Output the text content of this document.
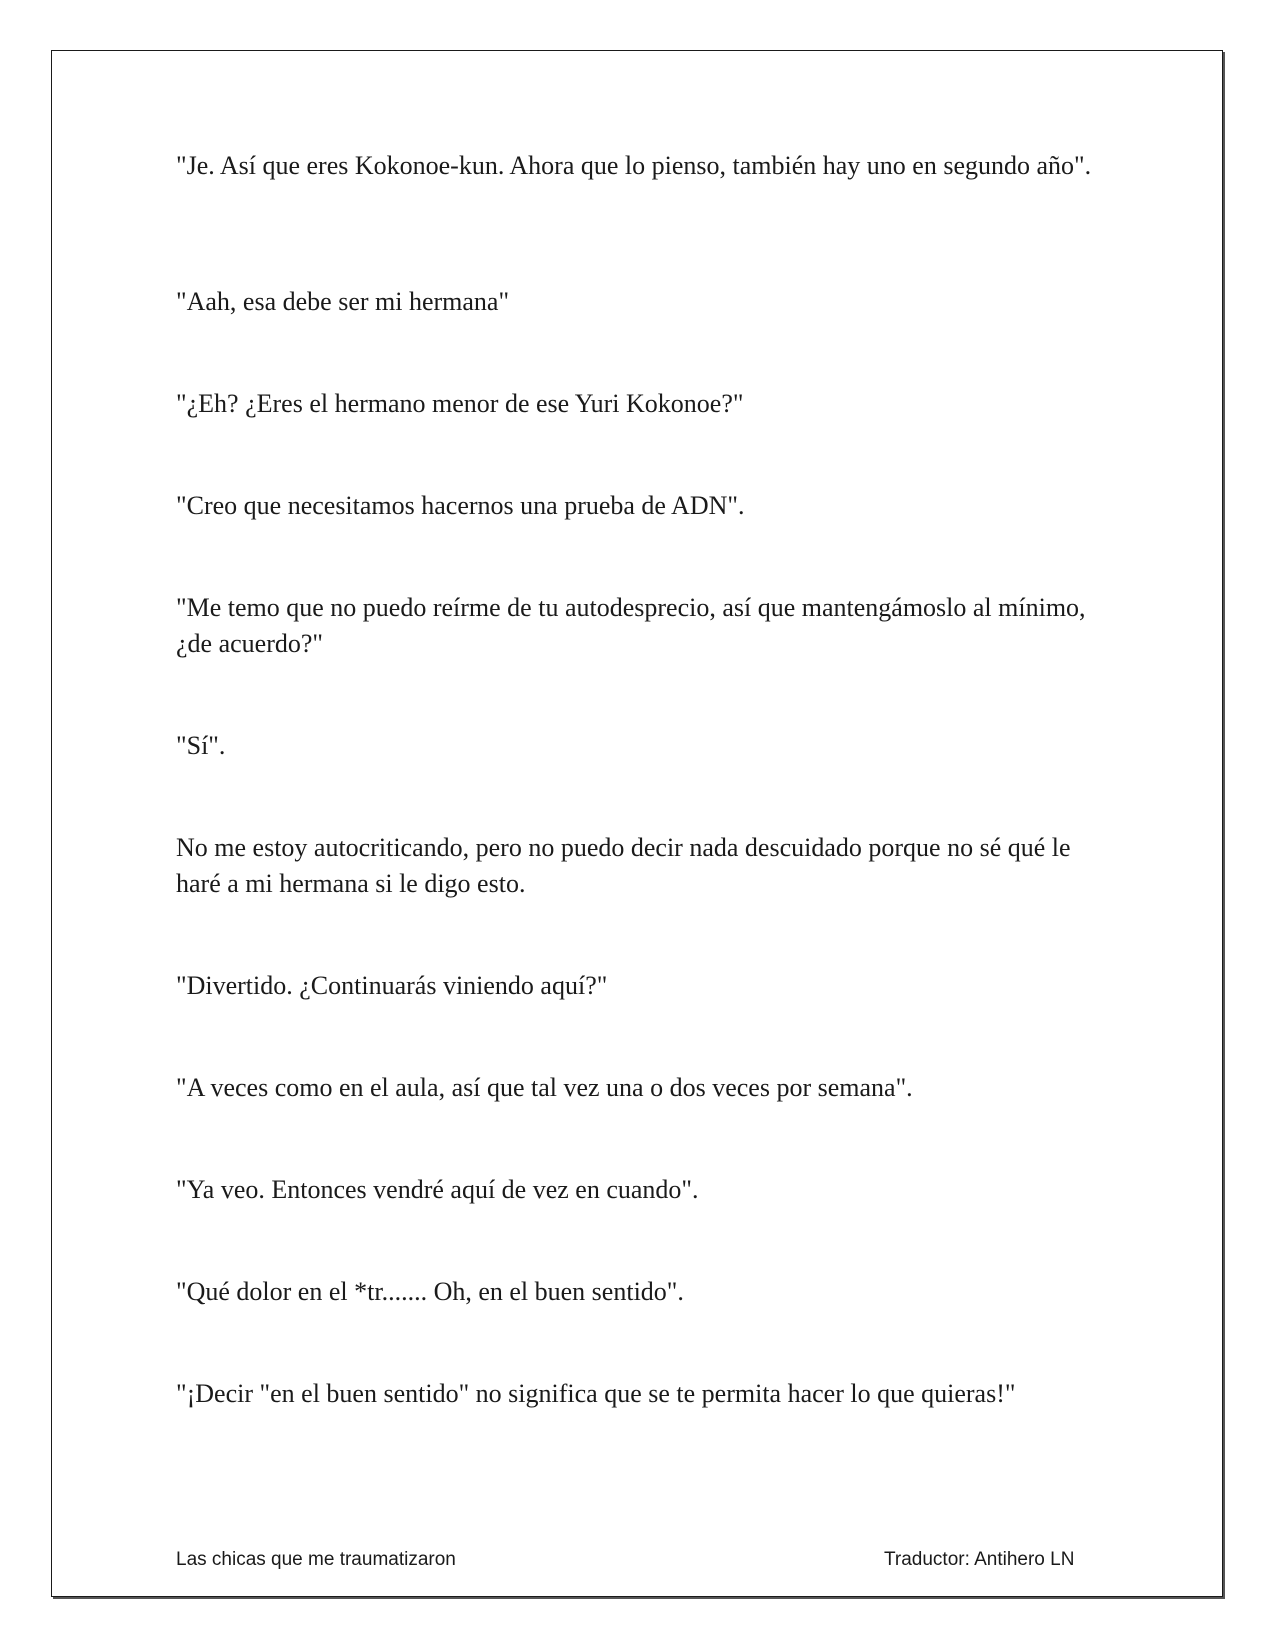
"Je. Así que eres Kokonoe-kun. Ahora que lo pienso, también hay uno en segundo año".

"Aah, esa debe ser mi hermana"

"¿Eh? ¿Eres el hermano menor de ese Yuri Kokonoe?"

"Creo que necesitamos hacernos una prueba de ADN".

"Me temo que no puedo reírme de tu autodesprecio, así que mantengámoslo al mínimo, ¿de acuerdo?"

"Sí".

No me estoy autocriticando, pero no puedo decir nada descuidado porque no sé qué le haré a mi hermana si le digo esto.

"Divertido. ¿Continuarás viniendo aquí?"

"A veces como en el aula, así que tal vez una o dos veces por semana".

"Ya veo. Entonces vendré aquí de vez en cuando".

"Qué dolor en el *tr....... Oh, en el buen sentido".

"¡Decir "en el buen sentido" no significa que se te permita hacer lo que quieras!"

Las chicas que me traumatizaron	Traductor: Antihero LN
